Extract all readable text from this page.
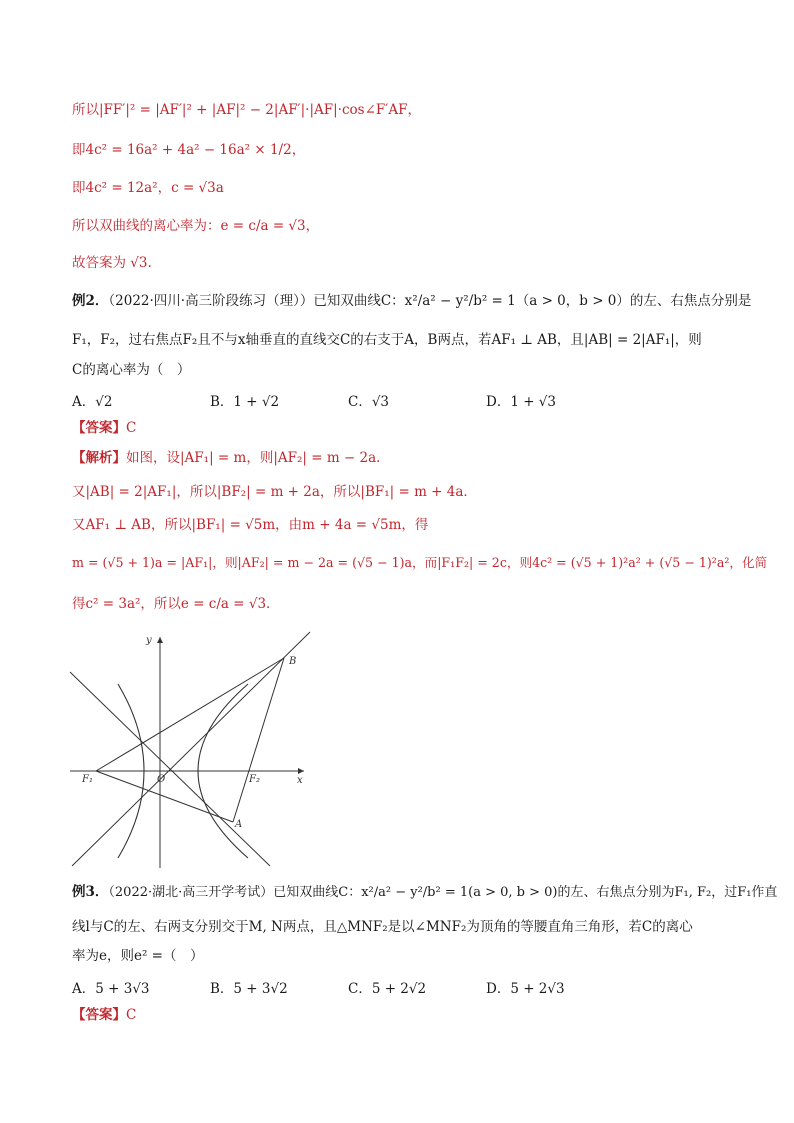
所以|FF′|² = |AF′|² + |AF|² − 2|AF′|·|AF|·cos∠F′AF，
即4c² = 16a² + 4a² − 16a² × 1/2，
即4c² = 12a²，c = √3a
所以双曲线的离心率为：e = c/a = √3，
故答案为 √3.
例2．（2022·四川·高三阶段练习（理））已知双曲线C：x²/a² − y²/b² = 1（a > 0，b > 0）的左、右焦点分别是
F₁，F₂，过右焦点F₂且不与x轴垂直的直线交C的右支于A，B两点，若AF₁ ⊥ AB，且|AB| = 2|AF₁|，则
C的离心率为（　）
A．√2	B．1 + √2	C．√3	D．1 + √3
【答案】C
【解析】如图，设|AF₁| = m，则|AF₂| = m − 2a．
又|AB| = 2|AF₁|，所以|BF₂| = m + 2a，所以|BF₁| = m + 4a．
又AF₁ ⊥ AB，所以|BF₁| = √5m，由m + 4a = √5m，得
m = (√5 + 1)a = |AF₁|，则|AF₂| = m − 2a = (√5 − 1)a，而|F₁F₂| = 2c，则4c² = (√5 + 1)²a² + (√5 − 1)²a²，化简
得c² = 3a²，所以e = c/a = √3．
y
x
O
F₁	F₂
A
B
例3．（2022·湖北·高三开学考试）已知双曲线C：x²/a² − y²/b² = 1(a > 0, b > 0)的左、右焦点分别为F₁, F₂，过F₁作直
线l与C的左、右两支分别交于M, N两点，且△MNF₂是以∠MNF₂为顶角的等腰直角三角形，若C的离心
率为e，则e² =（　）
A．5 + 3√3	B．5 + 3√2	C．5 + 2√2	D．5 + 2√3
【答案】C
